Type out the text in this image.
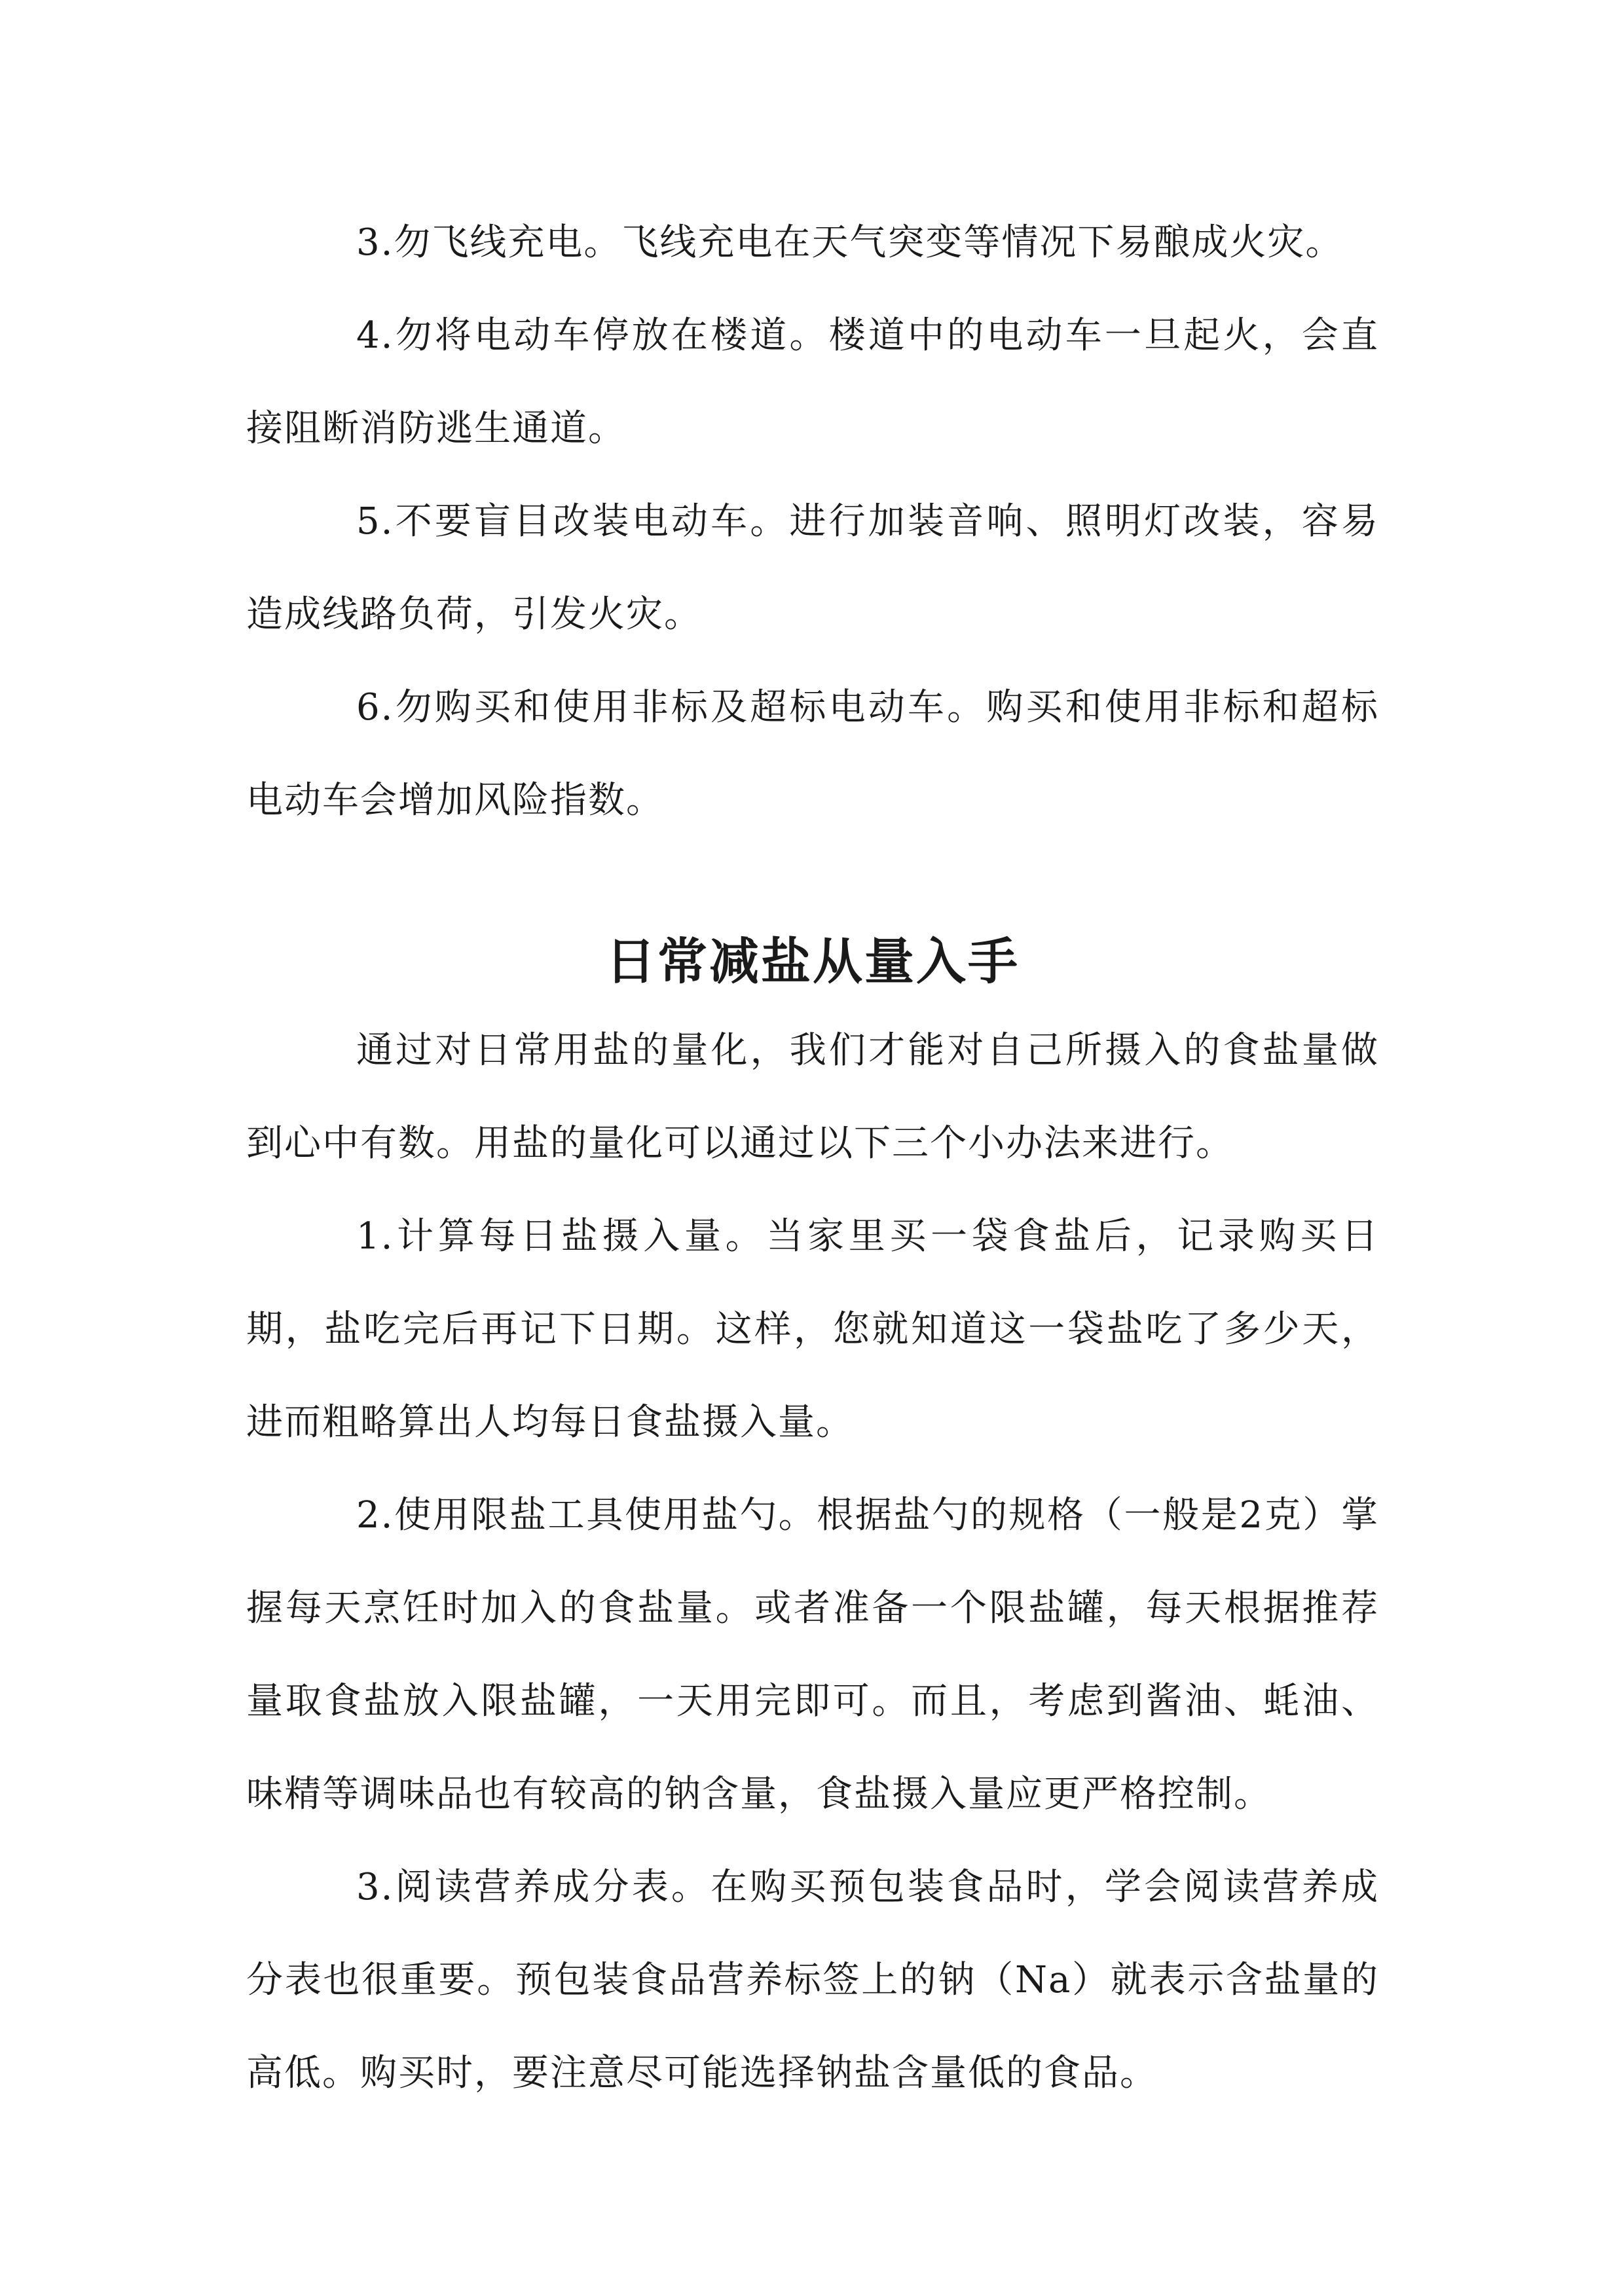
3.勿飞线充电。飞线充电在天气突变等情况下易酿成火灾。

4.勿将电动车停放在楼道。楼道中的电动车一旦起火，会直接阻断消防逃生通道。

5.不要盲目改装电动车。进行加装音响、照明灯改装，容易造成线路负荷，引发火灾。

6.勿购买和使用非标及超标电动车。购买和使用非标和超标电动车会增加风险指数。

日常减盐从量入手

通过对日常用盐的量化，我们才能对自己所摄入的食盐量做到心中有数。用盐的量化可以通过以下三个小办法来进行。

1.计算每日盐摄入量。当家里买一袋食盐后，记录购买日期，盐吃完后再记下日期。这样，您就知道这一袋盐吃了多少天，进而粗略算出人均每日食盐摄入量。

2.使用限盐工具使用盐勺。根据盐勺的规格（一般是2克）掌握每天烹饪时加入的食盐量。或者准备一个限盐罐，每天根据推荐量取食盐放入限盐罐，一天用完即可。而且，考虑到酱油、蚝油、味精等调味品也有较高的钠含量，食盐摄入量应更严格控制。

3.阅读营养成分表。在购买预包装食品时，学会阅读营养成分表也很重要。预包装食品营养标签上的钠（Na）就表示含盐量的高低。购买时，要注意尽可能选择钠盐含量低的食品。
